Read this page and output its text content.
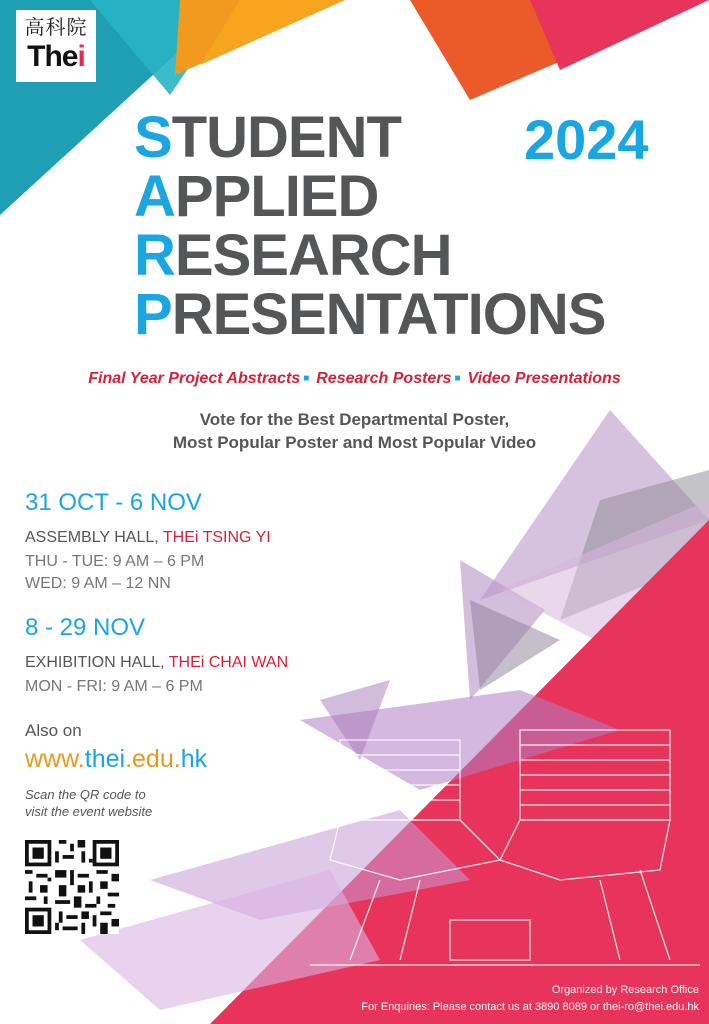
高科院
Thei
STUDENT
APPLIED
RESEARCH
PRESENTATIONS
2024
Final Year Project Abstracts ■ Research Posters ■ Video Presentations
Vote for the Best Departmental Poster,
Most Popular Poster and Most Popular Video
31 OCT - 6 NOV
ASSEMBLY HALL, THEi TSING YI
THU - TUE: 9 AM – 6 PM
WED: 9 AM – 12 NN
8 - 29 NOV
EXHIBITION HALL, THEi CHAI WAN
MON - FRI: 9 AM – 6 PM
Also on
www.thei.edu.hk
Scan the QR code to
visit the event website
Organized by Research Office
For Enquiries: Please contact us at 3890 8089 or thei-ro@thei.edu.hk
